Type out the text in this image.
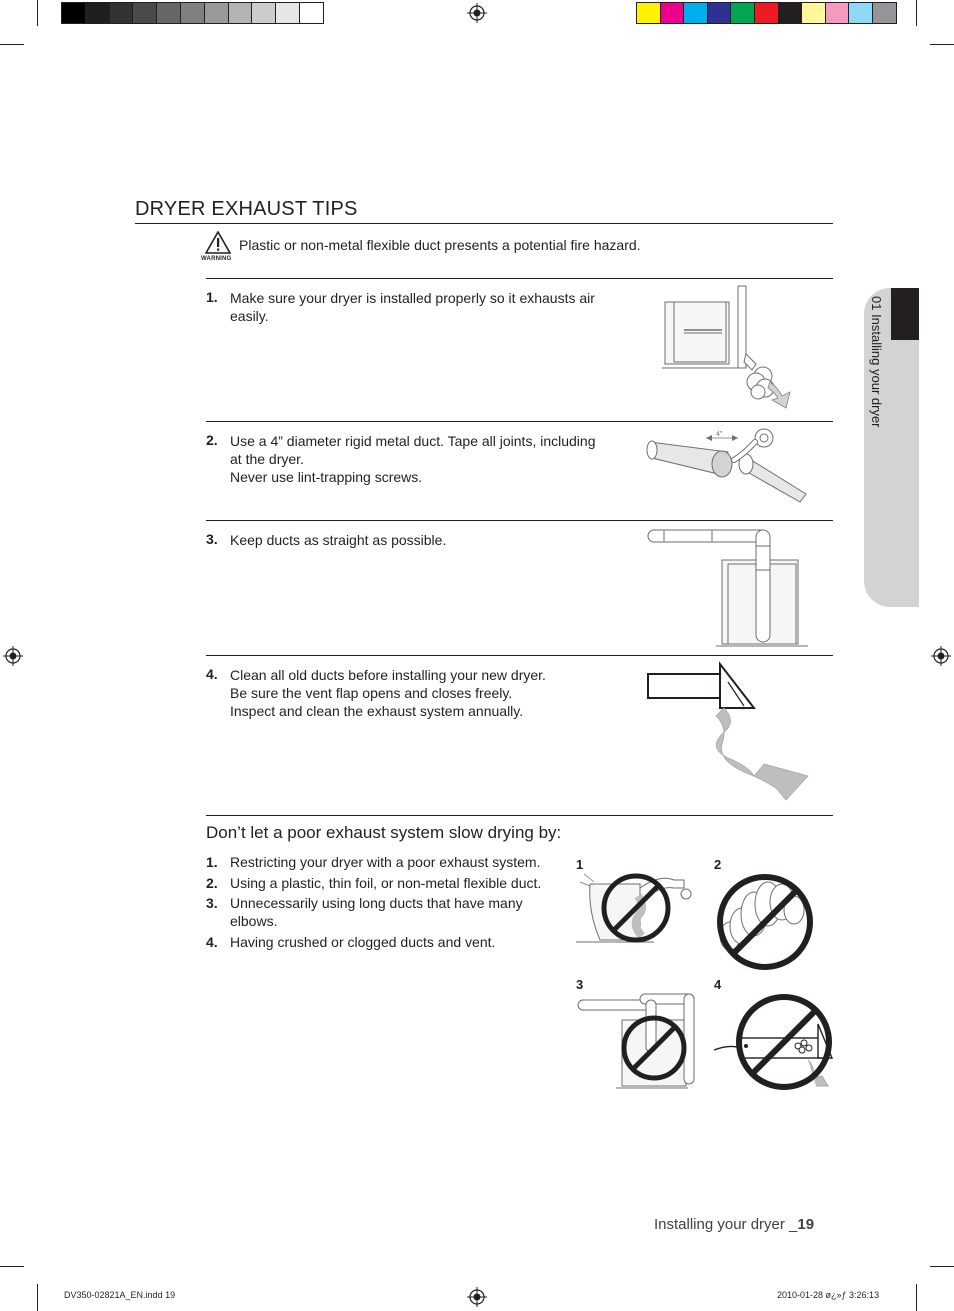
DRYER EXHAUST TIPS
WARNING
Plastic or non-metal flexible duct presents a potential fire hazard.
1. Make sure your dryer is installed properly so it exhausts air
easily.
2. Use a 4” diameter rigid metal duct. Tape all joints, including
at the dryer.
Never use lint-trapping screws.
4"
3. Keep ducts as straight as possible.
4. Clean all old ducts before installing your new dryer.
Be sure the vent flap opens and closes freely.
Inspect and clean the exhaust system annually.
Don’t let a poor exhaust system slow drying by:
1. Restricting your dryer with a poor exhaust system.
2. Using a plastic, thin foil, or non-metal flexible duct.
3. Unnecessarily using long ducts that have many
elbows.
4. Having crushed or clogged ducts and vent.
1	2
3	4
01 Installing your dryer
Installing your dryer _19
DV350-02821A_EN.indd 19	2010-01-28 ø¿»ƒ 3:26:13
